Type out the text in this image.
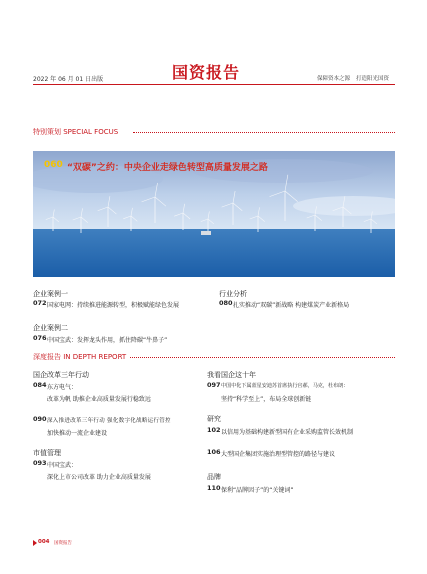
2022 年 06 月 01 日出版	国资报告	保障资本之源 打造阳光国资
特别策划 SPECIAL FOCUS
060 “双碳”之约：中央企业走绿色转型高质量发展之路
企业案例一
072 国家电网：持续推进能源转型，积极赋能绿色发展
企业案例二
076 中国宝武：发挥龙头作用，抓住降碳“牛鼻子”
行业分析
080 扎实推动“双碳”新战略 构建煤炭产业新格局
深度报告 IN DEPTH REPORT
国企改革三年行动
084 东方电气：
改革为帆 助推企业高质量发展行稳致远
090 深入推进改革三年行动 强化数字化战略运行管控
加快推动一流企业建设
市值管理
093 中国宝武：
深化上市公司改革 助力企业高质量发展
我看国企这十年
097 中国中化下属蓝星安迪苏首席执行官郝，马克，杜布朗：
坚持“科学至上”，布局全球创新链
研究
102 以信用为基础构建新型国有企业采购监管长效机制
106 大型国企集团实施治理型管控的路径与建议
品牌
110 保利“品牌因子”的“关键词”
004 国资报告
